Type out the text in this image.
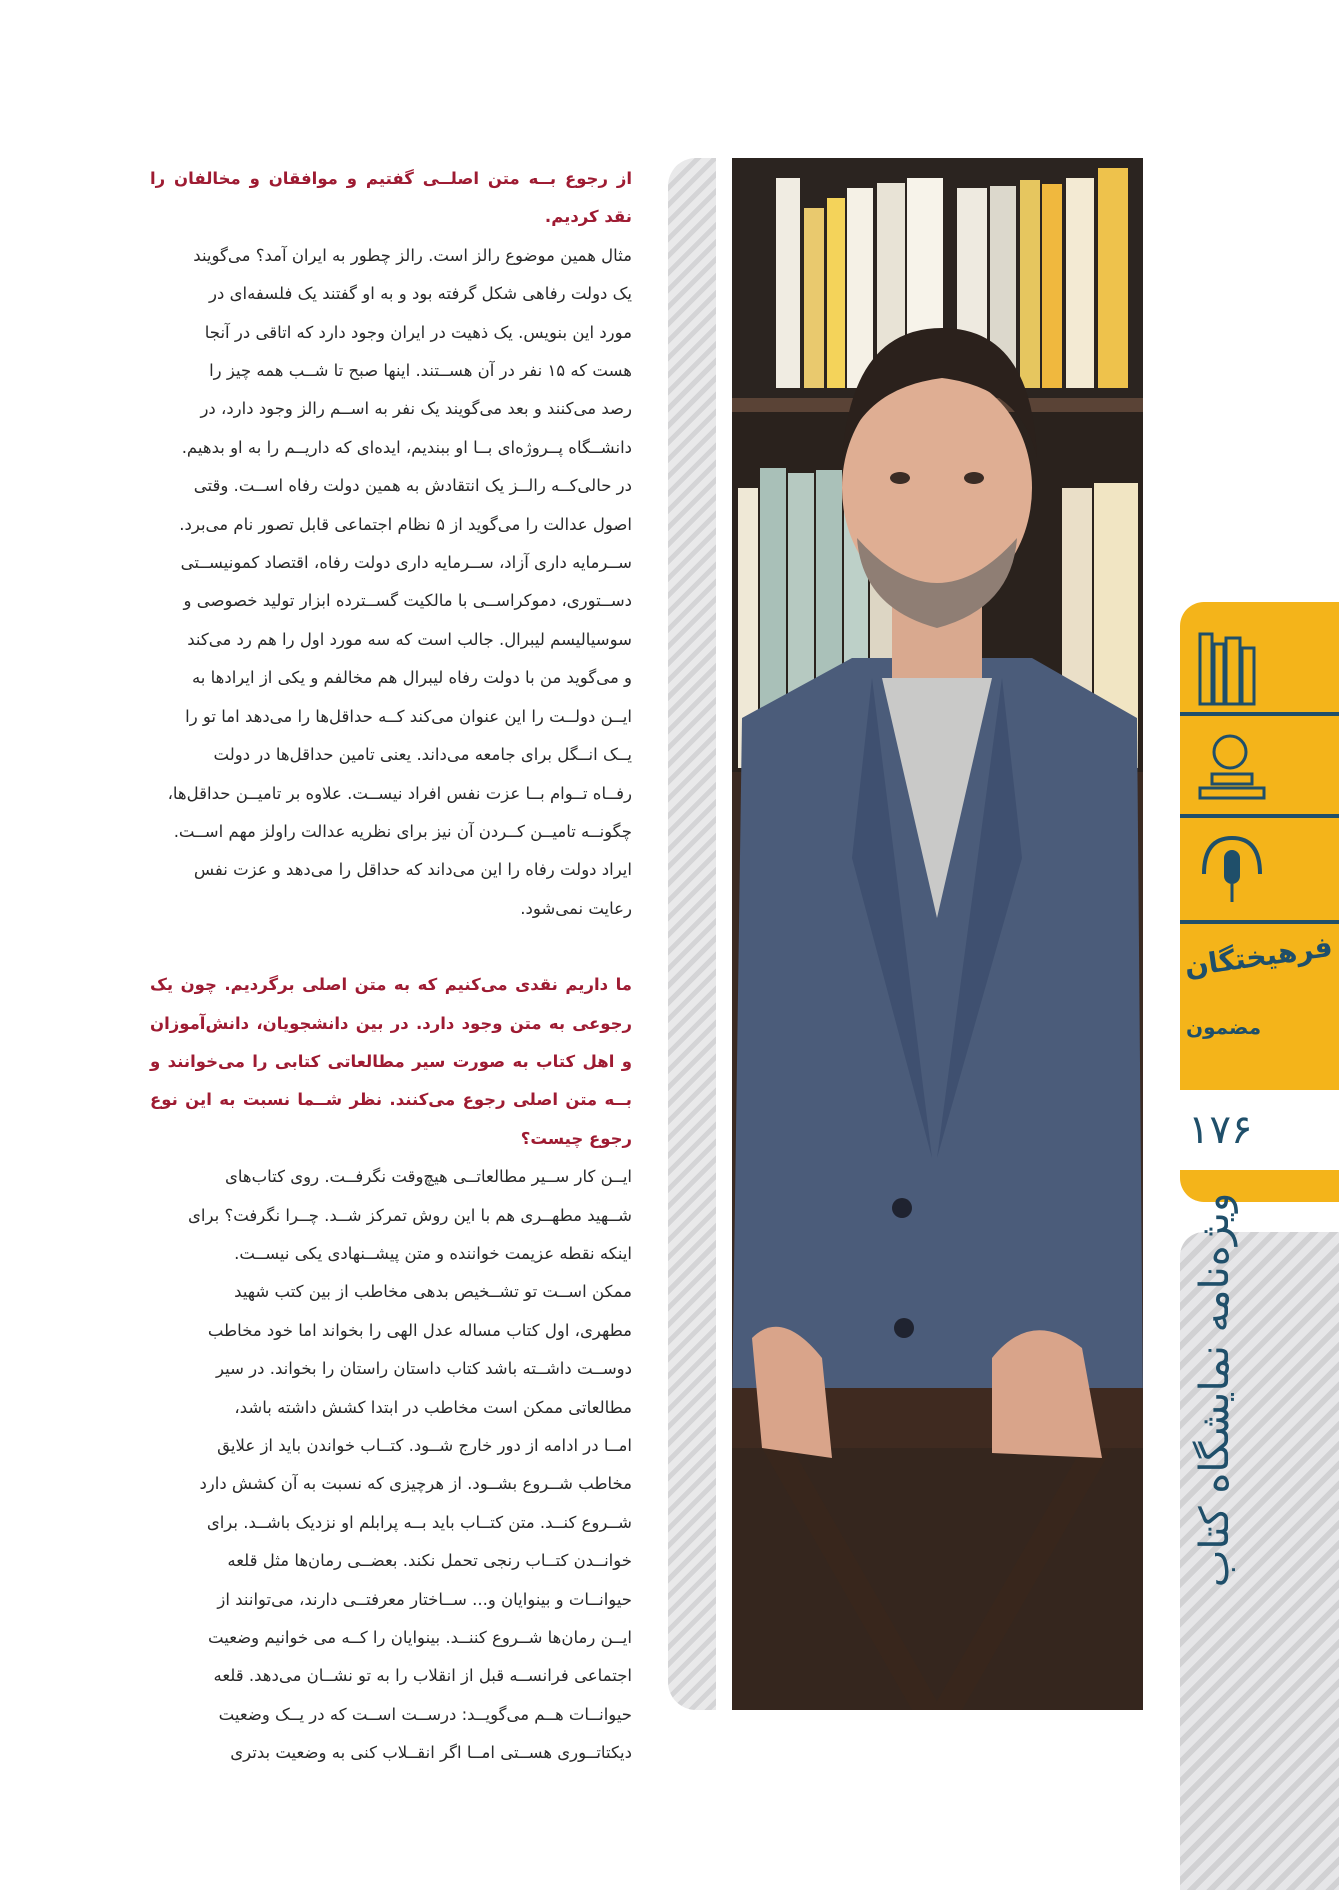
از رجوع بــه متن اصلــی گفتیم و موافقان و مخالفان را نقد کردیم.

مثال همین موضوع رالز است. رالز چطور به ایران آمد؟ می‌گویند
یک دولت رفاهی شکل گرفته بود و به او گفتند یک فلسفه‌ای در
مورد این بنویس. یک ذهیت در ایران وجود دارد که اتاقی در آنجا
هست که ۱۵ نفر در آن هســتند. اینها صبح تا شــب همه چیز را
رصد می‌کنند و بعد می‌گویند یک نفر به اســم رالز وجود دارد، در
دانشــگاه پــروژه‌ای بــا او ببندیم، ایده‌ای که داریــم را به او بدهیم.
در حالی‌کــه رالــز یک انتقادش به همین دولت رفاه اســت. وقتی
اصول عدالت را می‌گوید از ۵ نظام اجتماعی قابل تصور نام می‌برد.
ســرمایه داری آزاد، ســرمایه داری دولت رفاه، اقتصاد کمونیســتی
دســتوری، دموکراســی با مالکیت گســترده ابزار تولید خصوصی و
سوسیالیسم لیبرال. جالب است که سه مورد اول را هم رد می‌کند
و می‌گوید من با دولت رفاه لیبرال هم مخالفم و یکی از ایرادها به
ایــن دولــت را این عنوان می‌کند کــه حداقل‌ها را می‌دهد اما تو را
یــک انــگل برای جامعه می‌داند. یعنی تامین حداقل‌ها در دولت
رفــاه تــوام بــا عزت نفس افراد نیســت. علاوه بر تامیــن حداقل‌ها،
چگونــه تامیــن کــردن آن نیز برای نظریه عدالت راولز مهم اســت.
ایراد دولت رفاه را این می‌داند که حداقل را می‌دهد و عزت نفس
رعایت نمی‌شود.

ما داریم نقدی می‌کنیم که به متن اصلی برگردیم. چون یک رجوعی به متن وجود دارد. در بین دانشجویان، دانش‌آموزان و اهل کتاب به صورت سیر مطالعاتی کتابی را می‌خوانند و بــه متن اصلی رجوع می‌کنند. نظر شــما نسبت به این نوع رجوع چیست؟

ایــن کار ســیر مطالعاتــی هیچ‌وقت نگرفــت. روی کتاب‌های
شــهید مطهــری هم با این روش تمرکز شــد. چــرا نگرفت؟ برای
اینکه نقطه عزیمت خواننده و متن پیشــنهادی یکی نیســت.
ممکن اســت تو تشــخیص بدهی مخاطب از بین کتب شهید
مطهری، اول کتاب مساله عدل الهی را بخواند اما خود مخاطب
دوســت داشــته باشد کتاب داستان راستان را بخواند. در سیر
مطالعاتی ممکن است مخاطب در ابتدا کشش داشته باشد،
امــا در ادامه از دور خارج شــود. کتــاب خواندن باید از علایق
مخاطب شــروع بشــود. از هرچیزی که نسبت به آن کشش دارد
شــروع کنــد. متن کتــاب باید بــه پرابلم او نزدیک باشــد. برای
خوانــدن کتــاب رنجی تحمل نکند. بعضــی رمان‌ها مثل قلعه
حیوانــات و بینوایان و... ســاختار معرفتــی دارند، می‌توانند از
ایــن رمان‌ها شــروع کننــد. بینوایان را کــه می خوانیم وضعیت
اجتماعی فرانســه قبل از انقلاب را به تو نشــان می‌دهد. قلعه
حیوانــات هــم می‌گویــد: درســت اســت که در یــک وضعیت
دیکتاتــوری هســتی امــا اگر انقــلاب کنی به وضعیت بدتری
فرهیختگان
مضمون
۱۷۶
ویژه‌نامه نمایشگاه کتاب
